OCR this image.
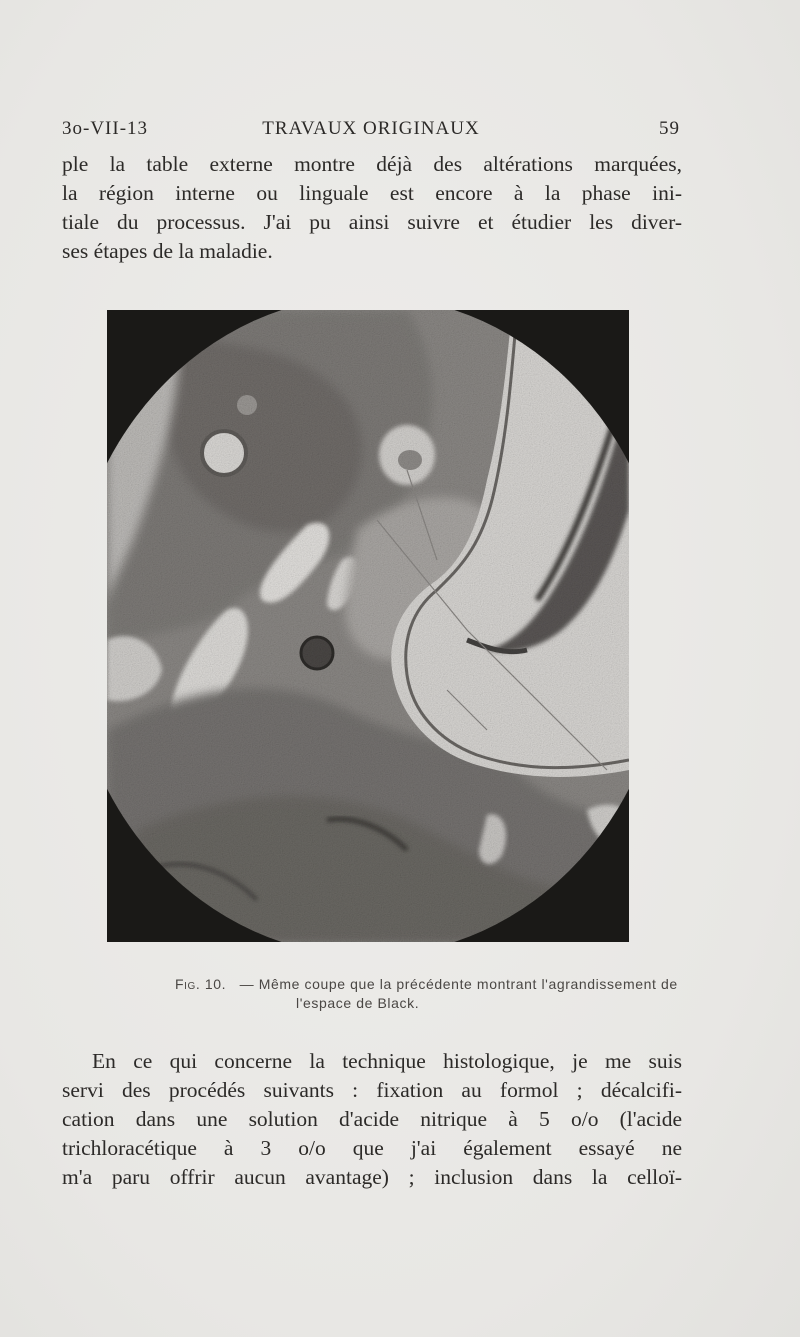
3o-VII-13	TRAVAUX ORIGINAUX	59
ple la table externe montre déjà des altérations marquées,
la région interne ou linguale est encore à la phase ini-
tiale du processus. J'ai pu ainsi suivre et étudier les diver-
ses étapes de la maladie.
Fig. 10. — Même coupe que la précédente montrant l'agrandissement de
l'espace de Black.
En ce qui concerne la technique histologique, je me suis
servi des procédés suivants : fixation au formol ; décalcifi-
cation dans une solution d'acide nitrique à 5 o/o (l'acide
trichloracétique à 3 o/o que j'ai également essayé ne
m'a paru offrir aucun avantage) ; inclusion dans la celloï-
